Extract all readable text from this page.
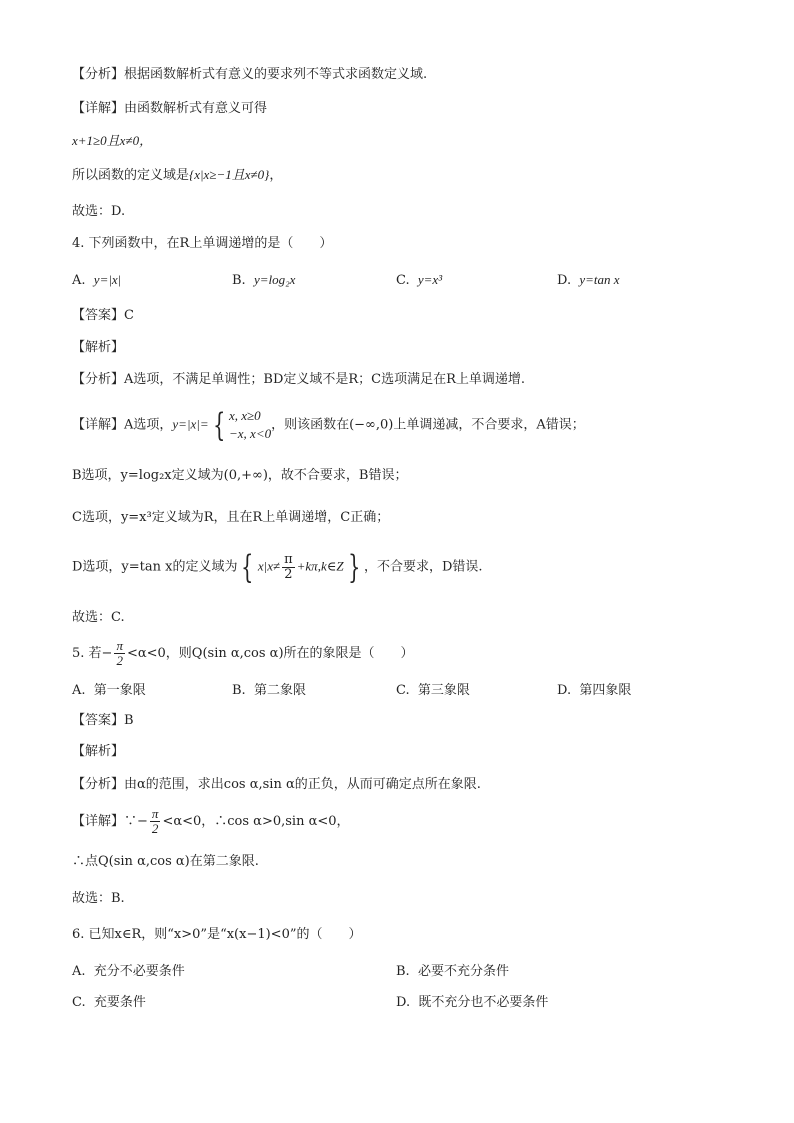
【分析】根据函数解析式有意义的要求列不等式求函数定义域.
【详解】由函数解析式有意义可得
x+1≥0且x≠0，
所以函数的定义域是{x|x≥−1且x≠0}，
故选：D.
4. 下列函数中，在R上单调递增的是（　　）
A. y=|x|	B. y=log₂x	C. y=x³	D. y=tan x
【答案】C
【解析】
【分析】A选项，不满足单调性；BD定义域不是R；C选项满足在R上单调递增.
【详解】A选项，y=|x|= { x, x≥0
−x, x<0
，则该函数在(−∞,0)上单调递减，不合要求，A错误；
B选项，y=log₂x定义域为(0,+∞)，故不合要求，B错误；
C选项，y=x³定义域为R，且在R上单调递增，C正确；
D选项，y=tan x的定义域为 { $x|x\ne \frac{\pi}{2}$ +kπ,k∈Z } ，不合要求，D错误.
故选：C.
5. 若− $\frac{\pi}{2} <\alpha<0$，则Q(sin α,cos α)所在的象限是（　　）
A. 第一象限	B. 第二象限	C. 第三象限	D. 第四象限
【答案】B
【解析】
【分析】由α的范围，求出cos α,sin α的正负，从而可确定点所在象限.
【详解】∵− $\frac{\pi}{2} <\alpha<0$，∴cos α>0,sin α<0，
∴点Q(sin α,cos α)在第二象限.
故选：B.
6. 已知x∈R，则“x>0”是“x(x−1)<0”的（　　）
A. 充分不必要条件	B. 必要不充分条件
C. 充要条件	D. 既不充分也不必要条件
